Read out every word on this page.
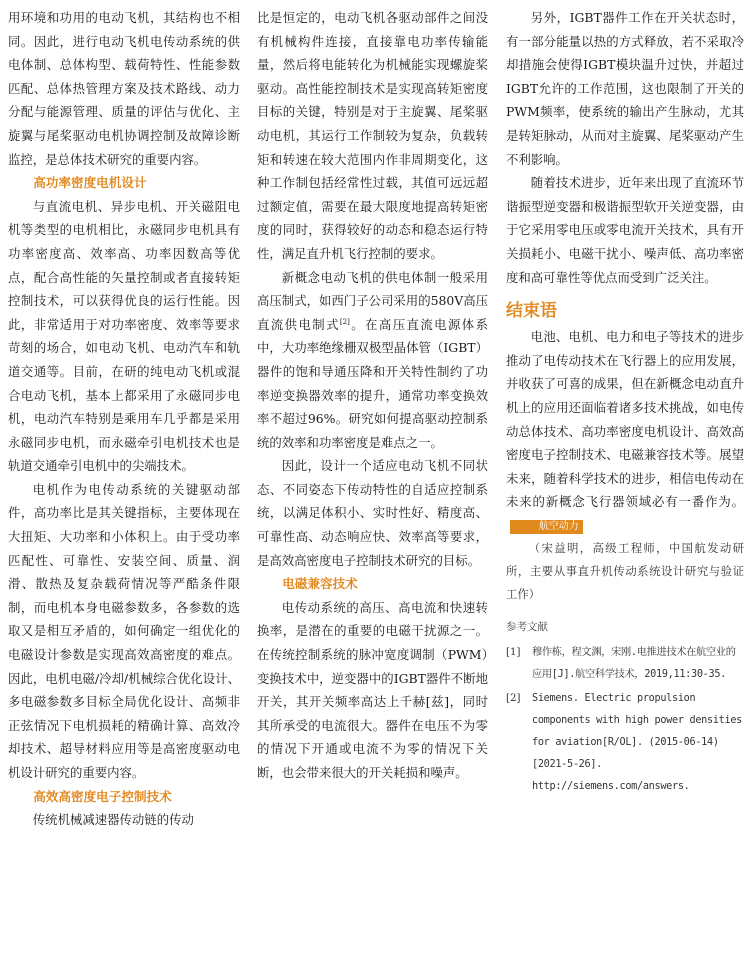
用环境和功用的电动飞机，其结构也不相同。因此，进行电动飞机电传动系统的供电体制、总体构型、载荷特性、性能参数匹配、总体热管理方案及技术路线、动力分配与能源管理、质量的评估与优化、主旋翼与尾桨驱动电机协调控制及故障诊断监控，是总体技术研究的重要内容。

高功率密度电机设计

与直流电机、异步电机、开关磁阻电机等类型的电机相比，永磁同步电机具有功率密度高、效率高、功率因数高等优点，配合高性能的矢量控制或者直接转矩控制技术，可以获得优良的运行性能。因此，非常适用于对功率密度、效率等要求苛刻的场合，如电动飞机、电动汽车和轨道交通等。目前，在研的纯电动飞机或混合电动飞机，基本上都采用了永磁同步电机，电动汽车特别是乘用车几乎都是采用永磁同步电机，而永磁牵引电机技术也是轨道交通牵引电机中的尖端技术。

电机作为电传动系统的关键驱动部件，高功率比是其关键指标，主要体现在大扭矩、大功率和小体积上。由于受功率匹配性、可靠性、安装空间、质量、润滑、散热及复杂载荷情况等严酷条件限制，而电机本身电磁参数多，各参数的选取又是相互矛盾的，如何确定一组优化的电磁设计参数是实现高效高密度的难点。因此，电机电磁/冷却/机械综合优化设计、多电磁参数多目标全局优化设计、高频非正弦情况下电机损耗的精确计算、高效冷却技术、超导材料应用等是高密度驱动电机设计研究的重要内容。

高效高密度电子控制技术

传统机械减速器传动链的传动

比是恒定的，电动飞机各驱动部件之间没有机械构件连接，直接靠电功率传输能量，然后将电能转化为机械能实现螺旋桨驱动。高性能控制技术是实现高转矩密度目标的关键，特别是对于主旋翼、尾桨驱动电机，其运行工作制较为复杂，负载转矩和转速在较大范围内作非周期变化，这种工作制包括经常性过载，其值可远远超过额定值，需要在最大限度地提高转矩密度的同时，获得较好的动态和稳态运行特性，满足直升机飞行控制的要求。

新概念电动飞机的供电体制一般采用高压制式，如西门子公司采用的580V高压直流供电制式[2]。在高压直流电源体系中，大功率绝缘栅双极型晶体管（IGBT）器件的饱和导通压降和开关特性制约了功率逆变换器效率的提升，通常功率变换效率不超过96%。研究如何提高驱动控制系统的效率和功率密度是难点之一。

因此，设计一个适应电动飞机不同状态、不同姿态下传动特性的自适应控制系统，以满足体积小、实时性好、精度高、可靠性高、动态响应快、效率高等要求，是高效高密度电子控制技术研究的目标。

电磁兼容技术

电传动系统的高压、高电流和快速转换率，是潜在的重要的电磁干扰源之一。在传统控制系统的脉冲宽度调制（PWM）变换技术中，逆变器中的IGBT器件不断地开关，其开关频率高达上千赫[兹]，同时其所承受的电流很大。器件在电压不为零的情况下开通或电流不为零的情况下关断，也会带来很大的开关耗损和噪声。

另外，IGBT器件工作在开关状态时，有一部分能量以热的方式释放，若不采取冷却措施会使得IGBT模块温升过快，并超过IGBT允许的工作范围，这也限制了开关的PWM频率，使系统的输出产生脉动，尤其是转矩脉动，从而对主旋翼、尾桨驱动产生不利影响。

随着技术进步，近年来出现了直流环节谐振型逆变器和极谐振型软开关逆变器，由于它采用零电压或零电流开关技术，具有开关损耗小、电磁干扰小、噪声低、高功率密度和高可靠性等优点而受到广泛关注。

结束语

电池、电机、电力和电子等技术的进步推动了电传动技术在飞行器上的应用发展，并收获了可喜的成果，但在新概念电动直升机上的应用还面临着诸多技术挑战，如电传动总体技术、高功率密度电机设计、高效高密度电子控制技术、电磁兼容技术等。展望未来，随着科学技术的进步，相信电传动在未来的新概念飞行器领域必有一番作为。航空动力

（宋益明，高级工程师，中国航发动研所，主要从事直升机传动系统设计研究与验证工作）

参考文献
[1]	穆作栋，程文渊，宋刚.电推进技术在航空业的应用[J].航空科学技术，2019,11:30-35.
[2]	Siemens. Electric propulsion components with high power densities for aviation[R/OL]. (2015-06-14)[2021-5-26]. http://siemens.com/answers.
